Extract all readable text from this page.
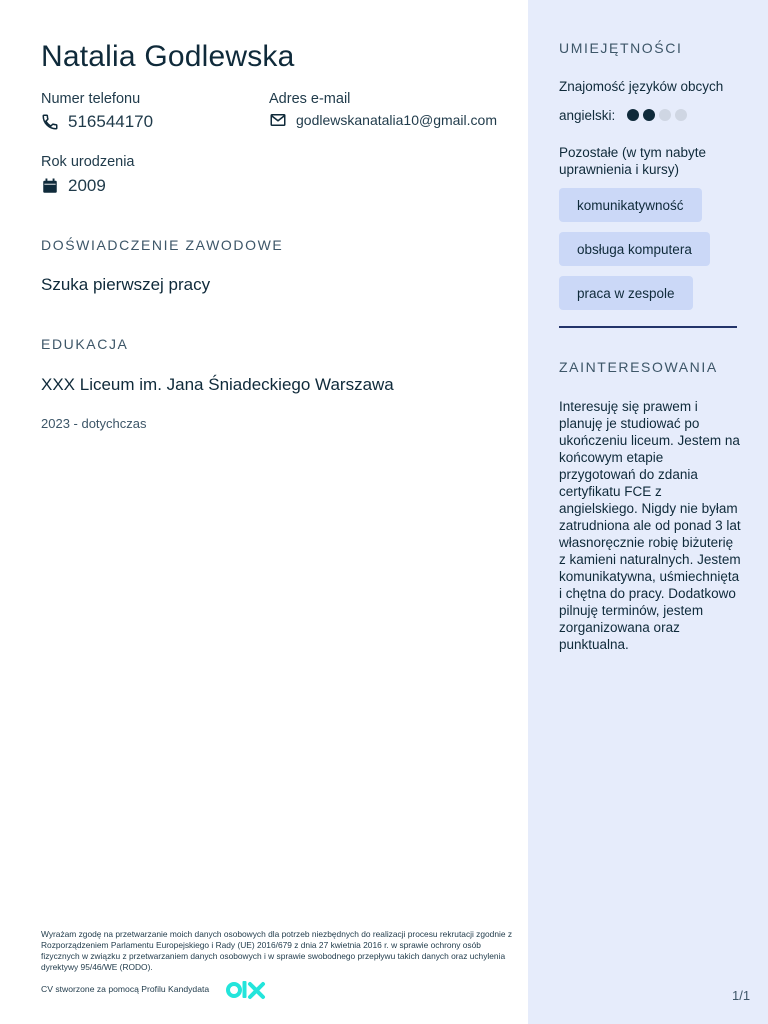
Natalia Godlewska
Numer telefonu
516544170
Adres e-mail
godlewskanatalia10@gmail.com
Rok urodzenia
2009
DOŚWIADCZENIE ZAWODOWE
Szuka pierwszej pracy
EDUKACJA
XXX Liceum im. Jana Śniadeckiego Warszawa
2023 - dotychczas
Wyrażam zgodę na przetwarzanie moich danych osobowych dla potrzeb niezbędnych do realizacji procesu rekrutacji zgodnie z Rozporządzeniem Parlamentu Europejskiego i Rady (UE) 2016/679 z dnia 27 kwietnia 2016 r. w sprawie ochrony osób fizycznych w związku z przetwarzaniem danych osobowych i w sprawie swobodnego przepływu takich danych oraz uchylenia dyrektywy 95/46/WE (RODO).
CV stworzone za pomocą Profilu Kandydata
UMIEJĘTNOŚCI
Znajomość języków obcych
angielski:
Pozostałe (w tym nabyte uprawnienia i kursy)
komunikatywność
obsługa komputera
praca w zespole
ZAINTERESOWANIA
Interesuję się prawem i planuję je studiować po ukończeniu liceum. Jestem na końcowym etapie przygotowań do zdania certyfikatu FCE z angielskiego. Nigdy nie byłam zatrudniona ale od ponad 3 lat własnoręcznie robię biżuterię z kamieni naturalnych. Jestem komunikatywna, uśmiechnięta i chętna do pracy. Dodatkowo pilnuję terminów, jestem zorganizowana oraz punktualna.
1/1
